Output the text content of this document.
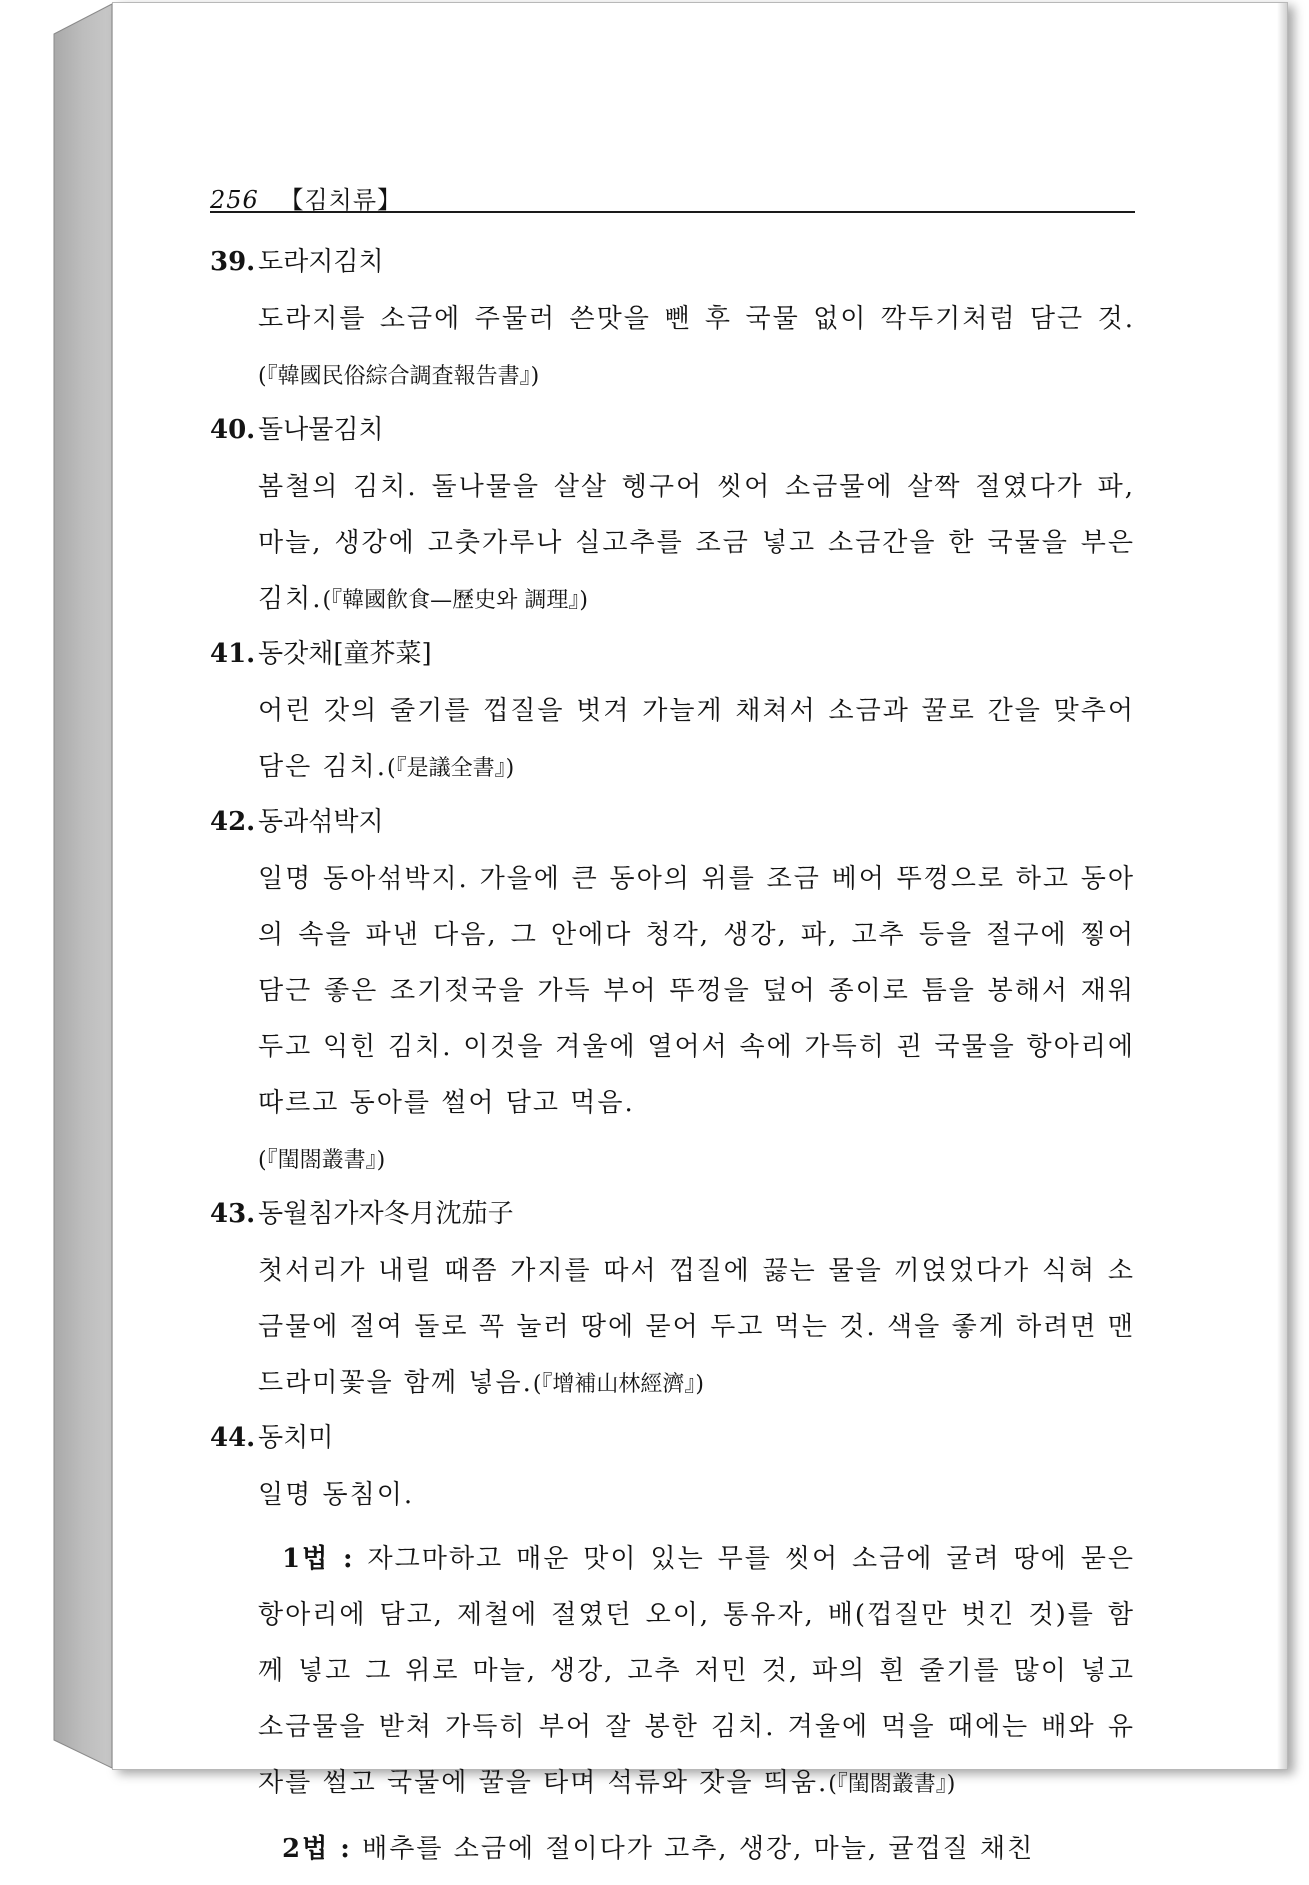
256 【김치류】
39. 도라지김치
도라지를 소금에 주물러 쓴맛을 뺀 후 국물 없이 깍두기처럼 담근 것.(『韓國民俗綜合調査報告書』)
40. 돌나물김치
봄철의 김치. 돌나물을 살살 헹구어 씻어 소금물에 살짝 절였다가 파, 마늘, 생강에 고춧가루나 실고추를 조금 넣고 소금간을 한 국물을 부은 김치.(『韓國飮食—歷史와 調理』)
41. 동갓채[童芥菜]
어린 갓의 줄기를 껍질을 벗겨 가늘게 채쳐서 소금과 꿀로 간을 맞추어 담은 김치.(『是議全書』)
42. 동과섞박지
일명 동아섞박지. 가을에 큰 동아의 위를 조금 베어 뚜껑으로 하고 동아의 속을 파낸 다음, 그 안에다 청각, 생강, 파, 고추 등을 절구에 찧어 담근 좋은 조기젓국을 가득 부어 뚜껑을 덮어 종이로 틈을 봉해서 재워 두고 익힌 김치. 이것을 겨울에 열어서 속에 가득히 괸 국물을 항아리에 따르고 동아를 썰어 담고 먹음.
(『閨閤叢書』)
43. 동월침가자冬月沈茄子
첫서리가 내릴 때쯤 가지를 따서 껍질에 끓는 물을 끼얹었다가 식혀 소금물에 절여 돌로 꼭 눌러 땅에 묻어 두고 먹는 것. 색을 좋게 하려면 맨드라미꽃을 함께 넣음.(『增補山林經濟』)
44. 동치미
일명 동침이.
1법 : 자그마하고 매운 맛이 있는 무를 씻어 소금에 굴려 땅에 묻은 항아리에 담고, 제철에 절였던 오이, 통유자, 배(껍질만 벗긴 것)를 함께 넣고 그 위로 마늘, 생강, 고추 저민 것, 파의 흰 줄기를 많이 넣고 소금물을 받쳐 가득히 부어 잘 봉한 김치. 겨울에 먹을 때에는 배와 유자를 썰고 국물에 꿀을 타며 석류와 잣을 띄움.(『閨閤叢書』)
2법 : 배추를 소금에 절이다가 고추, 생강, 마늘, 귤껍질 채친
